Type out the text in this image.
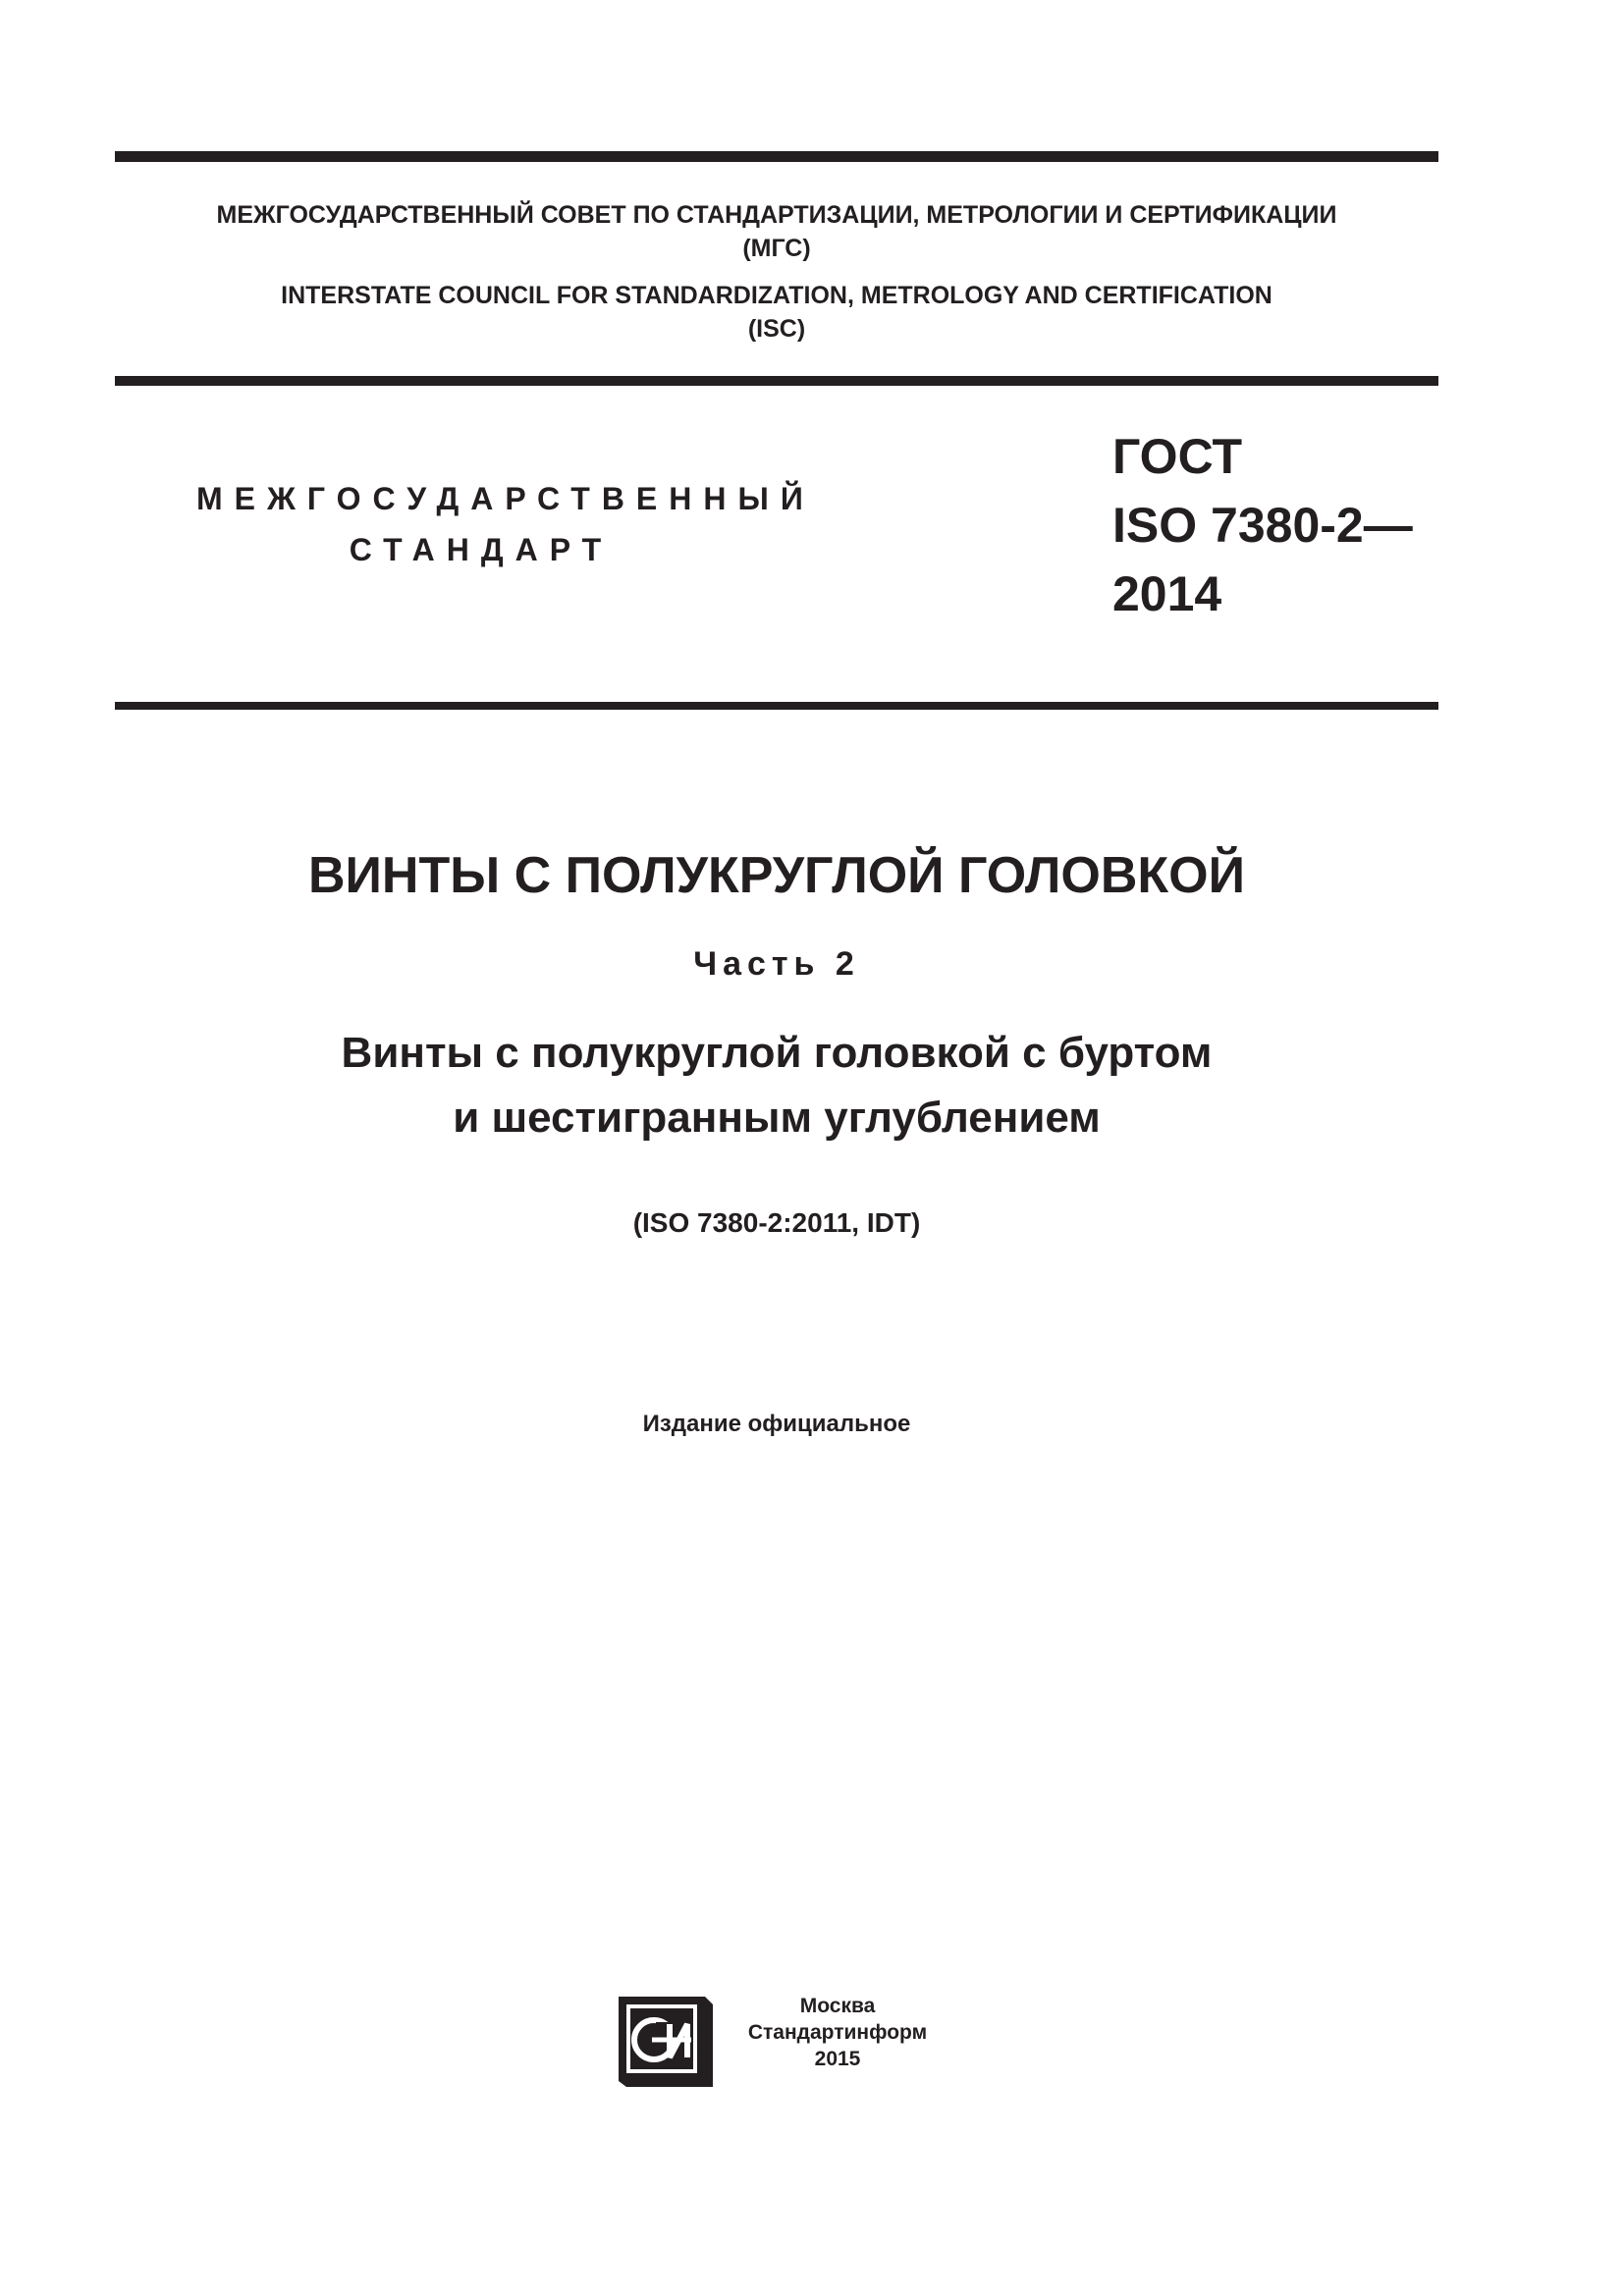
МЕЖГОСУДАРСТВЕННЫЙ СОВЕТ ПО СТАНДАРТИЗАЦИИ, МЕТРОЛОГИИ И СЕРТИФИКАЦИИ
(МГС)
INTERSTATE COUNCIL FOR STANDARDIZATION, METROLOGY AND CERTIFICATION
(ISC)
МЕЖГОСУДАРСТВЕННЫЙ
СТАНДАРТ
ГОСТ
ISO 7380-2—
2014
ВИНТЫ С ПОЛУКРУГЛОЙ ГОЛОВКОЙ
Часть 2
Винты с полукруглой головкой с буртом
и шестигранным углублением
(ISO 7380-2:2011, IDT)
Издание официальное
Москва
Стандартинформ
2015
